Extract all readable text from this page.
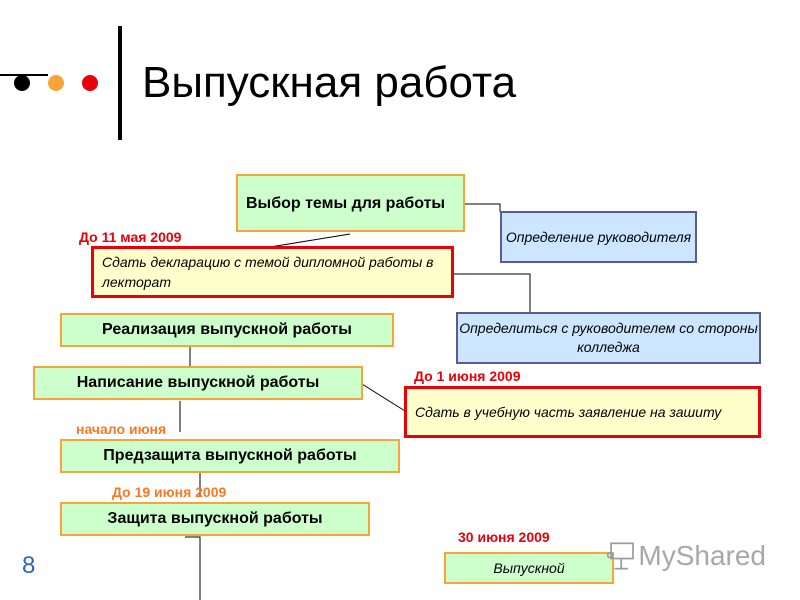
Выпускная работа
Выбор темы для работы
Определение руководителя
До 11 мая 2009
Сдать декларацию с темой дипломной работы в лекторат
Реализация выпускной работы	Определиться с руководителем со стороны колледжа
Написание выпускной работы	До 1 июня 2009
Сдать в учебную часть заявление на зашиту
начало июня
Предзащита выпускной работы
До 19 июня 2009
Защита выпускной работы
30 июня 2009
Выпускной
8	MyShared
